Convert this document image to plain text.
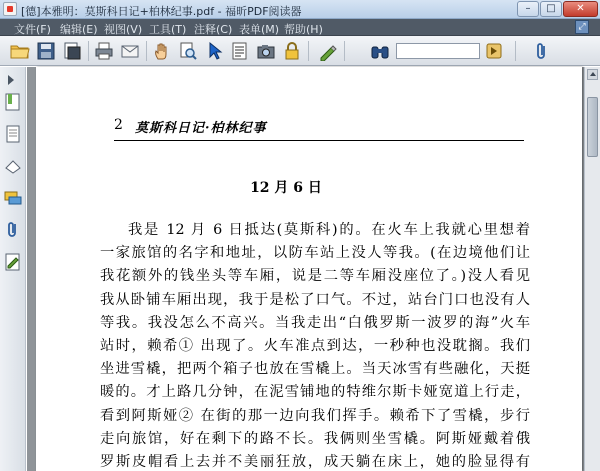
[德]本雅明：莫斯科日记+柏林纪事.pdf - 福昕PDF阅读器	–	□	✕
文件(F) 编辑(E) 视图(V) 工具(T) 注释(C) 表单(M) 帮助(H)	⤢
2 莫斯科日记·柏林纪事
12 月 6 日
我是 12 月 6 日抵达(莫斯科)的。在火车上我就心里想着
一家旅馆的名字和地址，以防车站上没人等我。(在边境他们让
我花额外的钱坐头等车厢，说是二等车厢没座位了。)没人看见
我从卧铺车厢出现，我于是松了口气。不过，站台门口也没有人
等我。我没怎么不高兴。当我走出“白俄罗斯一波罗的海”火车
站时，赖希① 出现了。火车准点到达，一秒种也没耽搁。我们
坐进雪橇，把两个箱子也放在雪橇上。当天冰雪有些融化，天挺
暖的。才上路几分钟，在泥雪铺地的特维尔斯卡娅宽道上行走，
看到阿斯娅② 在街的那一边向我们挥手。赖希下了雪橇，步行
走向旅馆，好在剩下的路不长。我俩则坐雪橇。阿斯娅戴着俄
罗斯皮帽看上去并不美丽狂放，成天躺在床上，她的脸显得有
